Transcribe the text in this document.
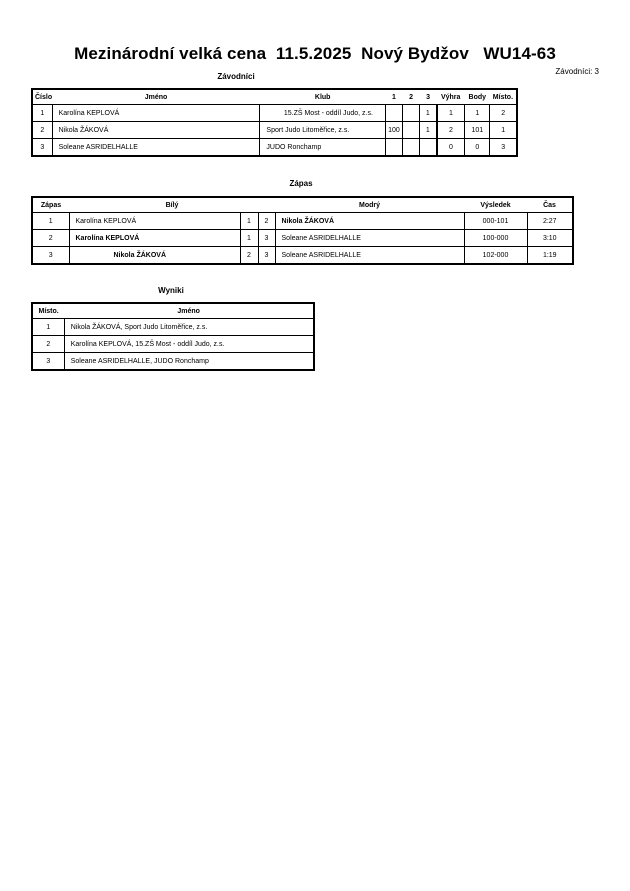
Mezinárodní velká cena  11.5.2025  Nový Bydžov   WU14-63
Závodníci: 3
Závodníci
Číslo	Jméno	Klub	1	2	3	Výhra	Body	Místo.
1	Karolína KEPLOVÁ	15.ZŠ Most - oddíl Judo, z.s.			1	1	1	2
2	Nikola ŽÁKOVÁ	Sport Judo Litoměřice, z.s.	100		1	2	101	1
3	Soleane ASRIDELHALLE	JUDO Ronchamp				0	0	3
Zápas
Zápas	Bílý			Modrý	Výsledek	Čas
1	Karolína KEPLOVÁ	1	2	Nikola ŽÁKOVÁ	000-101	2:27
2	Karolína KEPLOVÁ	1	3	Soleane ASRIDELHALLE	100-000	3:10
3	Nikola ŽÁKOVÁ	2	3	Soleane ASRIDELHALLE	102-000	1:19
Wyniki
Místo.	Jméno
1	Nikola ŽÁKOVÁ, Sport Judo Litoměřice, z.s.
2	Karolína KEPLOVÁ, 15.ZŠ Most - oddíl Judo, z.s.
3	Soleane ASRIDELHALLE, JUDO Ronchamp
